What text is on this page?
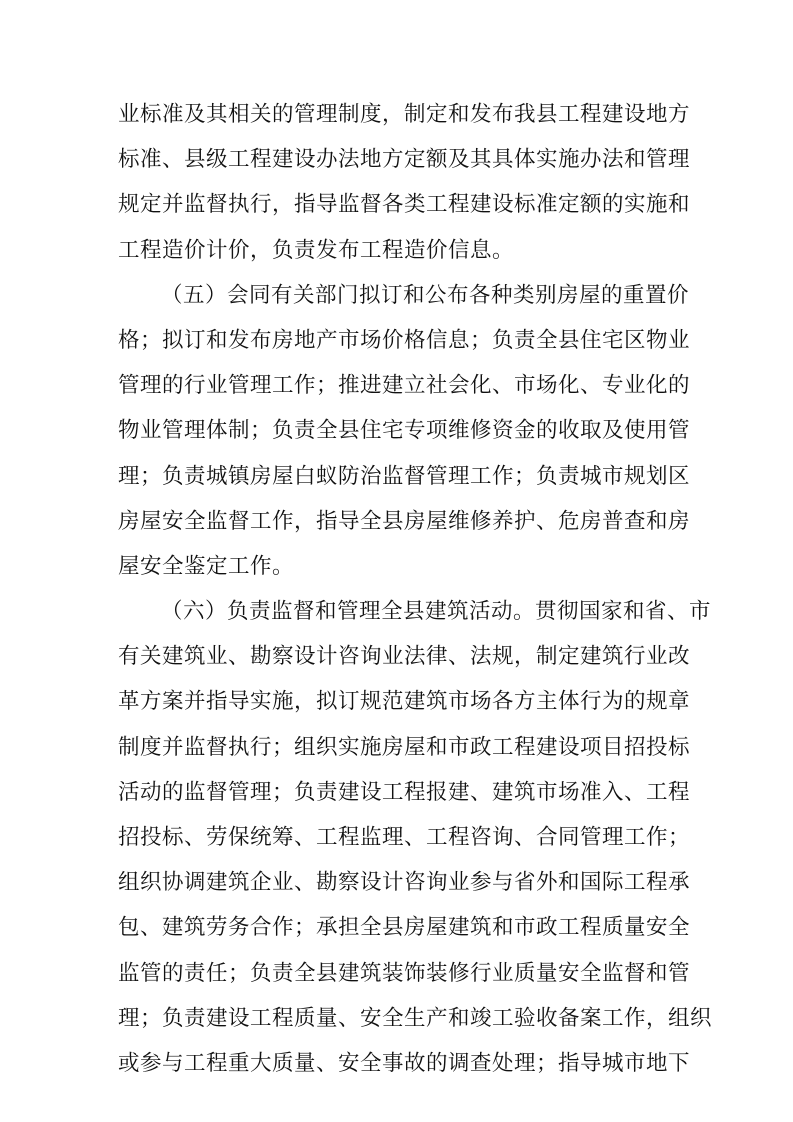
业标准及其相关的管理制度，制定和发布我县工程建设地方
标准、县级工程建设办法地方定额及其具体实施办法和管理
规定并监督执行，指导监督各类工程建设标准定额的实施和
工程造价计价，负责发布工程造价信息。
（五）会同有关部门拟订和公布各种类别房屋的重置价
格；拟订和发布房地产市场价格信息；负责全县住宅区物业
管理的行业管理工作；推进建立社会化、市场化、专业化的
物业管理体制；负责全县住宅专项维修资金的收取及使用管
理；负责城镇房屋白蚁防治监督管理工作；负责城市规划区
房屋安全监督工作，指导全县房屋维修养护、危房普查和房
屋安全鉴定工作。
（六）负责监督和管理全县建筑活动。贯彻国家和省、市
有关建筑业、勘察设计咨询业法律、法规，制定建筑行业改
革方案并指导实施，拟订规范建筑市场各方主体行为的规章
制度并监督执行；组织实施房屋和市政工程建设项目招投标
活动的监督管理；负责建设工程报建、建筑市场准入、工程
招投标、劳保统筹、工程监理、工程咨询、合同管理工作；
组织协调建筑企业、勘察设计咨询业参与省外和国际工程承
包、建筑劳务合作；承担全县房屋建筑和市政工程质量安全
监管的责任；负责全县建筑装饰装修行业质量安全监督和管
理；负责建设工程质量、安全生产和竣工验收备案工作，组织
或参与工程重大质量、安全事故的调查处理；指导城市地下
